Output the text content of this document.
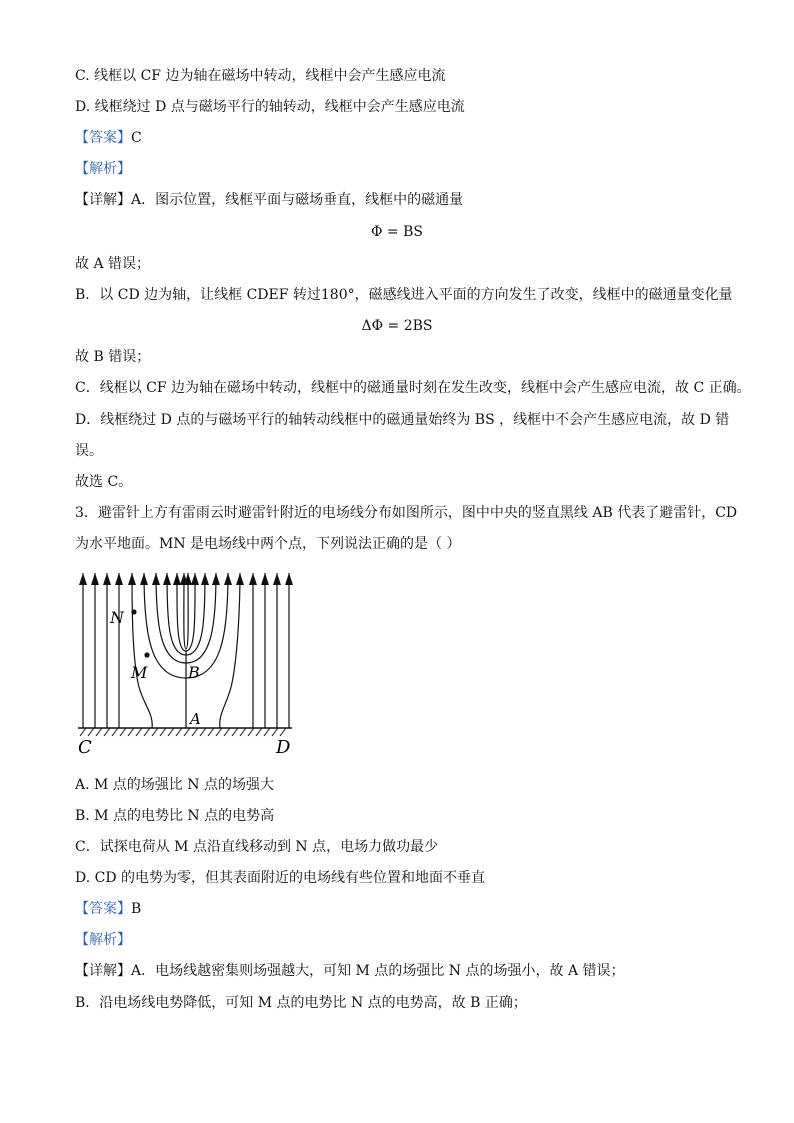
C. 线框以 CF 边为轴在磁场中转动，线框中会产生感应电流
D. 线框绕过 D 点与磁场平行的轴转动，线框中会产生感应电流
【答案】C
【解析】
【详解】A．图示位置，线框平面与磁场垂直，线框中的磁通量
Φ = BS
故 A 错误；
B．以 CD 边为轴，让线框 CDEF 转过180°，磁感线进入平面的方向发生了改变，线框中的磁通量变化量
ΔΦ = 2BS
故 B 错误；
C．线框以 CF 边为轴在磁场中转动，线框中的磁通量时刻在发生改变，线框中会产生感应电流，故 C 正确。
D．线框绕过 D 点的与磁场平行的轴转动线框中的磁通量始终为 BS ，线框中不会产生感应电流，故 D 错
误。
故选 C。
3．避雷针上方有雷雨云时避雷针附近的电场线分布如图所示，图中中央的竖直黑线 AB 代表了避雷针，CD
为水平地面。MN 是电场线中两个点，下列说法正确的是（ ）
N
M	B
A
C	D
A. M 点的场强比 N 点的场强大
B. M 点的电势比 N 点的电势高
C．试探电荷从 M 点沿直线移动到 N 点，电场力做功最少
D. CD 的电势为零，但其表面附近的电场线有些位置和地面不垂直
【答案】B
【解析】
【详解】A．电场线越密集则场强越大，可知 M 点的场强比 N 点的场强小，故 A 错误；
B．沿电场线电势降低，可知 M 点的电势比 N 点的电势高，故 B 正确；
